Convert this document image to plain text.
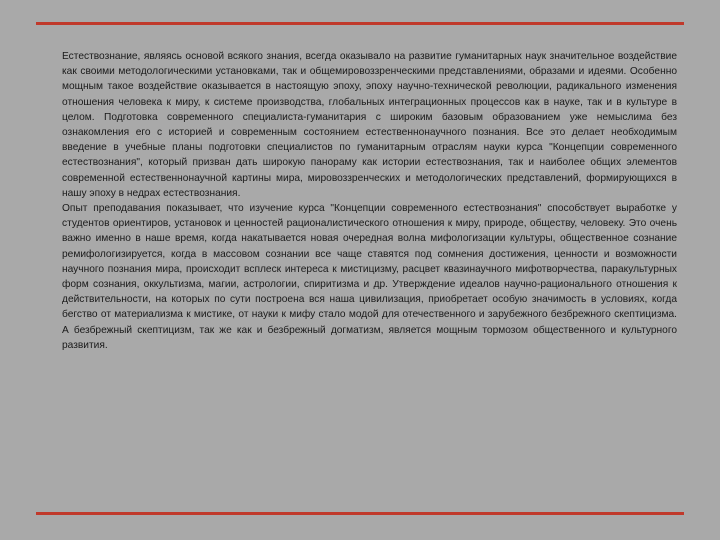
Естествознание, являясь основой всякого знания, всегда оказывало на развитие гуманитарных наук значительное воздействие как своими методологическими установками, так и общемировоззренческими представлениями, образами и идеями. Особенно мощным такое воздействие оказывается в настоящую эпоху, эпоху научно-технической революции, радикального изменения отношения человека к миру, к системе производства, глобальных интеграционных процессов как в науке, так и в культуре в целом. Подготовка современного специалиста-гуманитария с широким базовым образованием уже немыслима без ознакомления его с историей и современным состоянием естественнонаучного познания. Все это делает необходимым введение в учебные планы подготовки специалистов по гуманитарным отраслям науки курса "Концепции современного естествознания", который призван дать широкую панораму как истории естествознания, так и наиболее общих элементов современной естественнонаучной картины мира, мировоззренческих и методологических представлений, формирующихся в нашу эпоху в недрах естествознания.

Опыт преподавания показывает, что изучение курса "Концепции современного естествознания" способствует выработке у студентов ориентиров, установок и ценностей рационалистического отношения к миру, природе, обществу, человеку. Это очень важно именно в наше время, когда накатывается новая очередная волна мифологизации культуры, общественное сознание ремифологизируется, когда в массовом сознании все чаще ставятся под сомнения достижения, ценности и возможности научного познания мира, происходит всплеск интереса к мистицизму, расцвет квазинаучного мифотворчества, паракультурных форм сознания, оккультизма, магии, астрологии, спиритизма и др. Утверждение идеалов научно-рационального отношения к действительности, на которых по сути построена вся наша цивилизация, приобретает особую значимость в условиях, когда бегство от материализма к мистике, от науки к мифу стало модой для отечественного и зарубежного безбрежного скептицизма. А безбрежный скептицизм, так же как и безбрежный догматизм, является мощным тормозом общественного и культурного развития.
